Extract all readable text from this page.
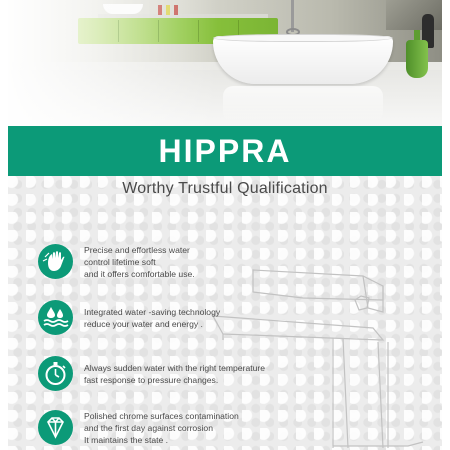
HIPPRA
Worthy Trustful Qualification
Precise and effortless water
control lifetime soft
and it offers comfortable use.
Integrated water -saving technology
reduce your water and energy .
Always sudden water with the right temperature
fast response to pressure changes.
Polished chrome surfaces contamination
and the first day against corrosion
It maintains the state .
